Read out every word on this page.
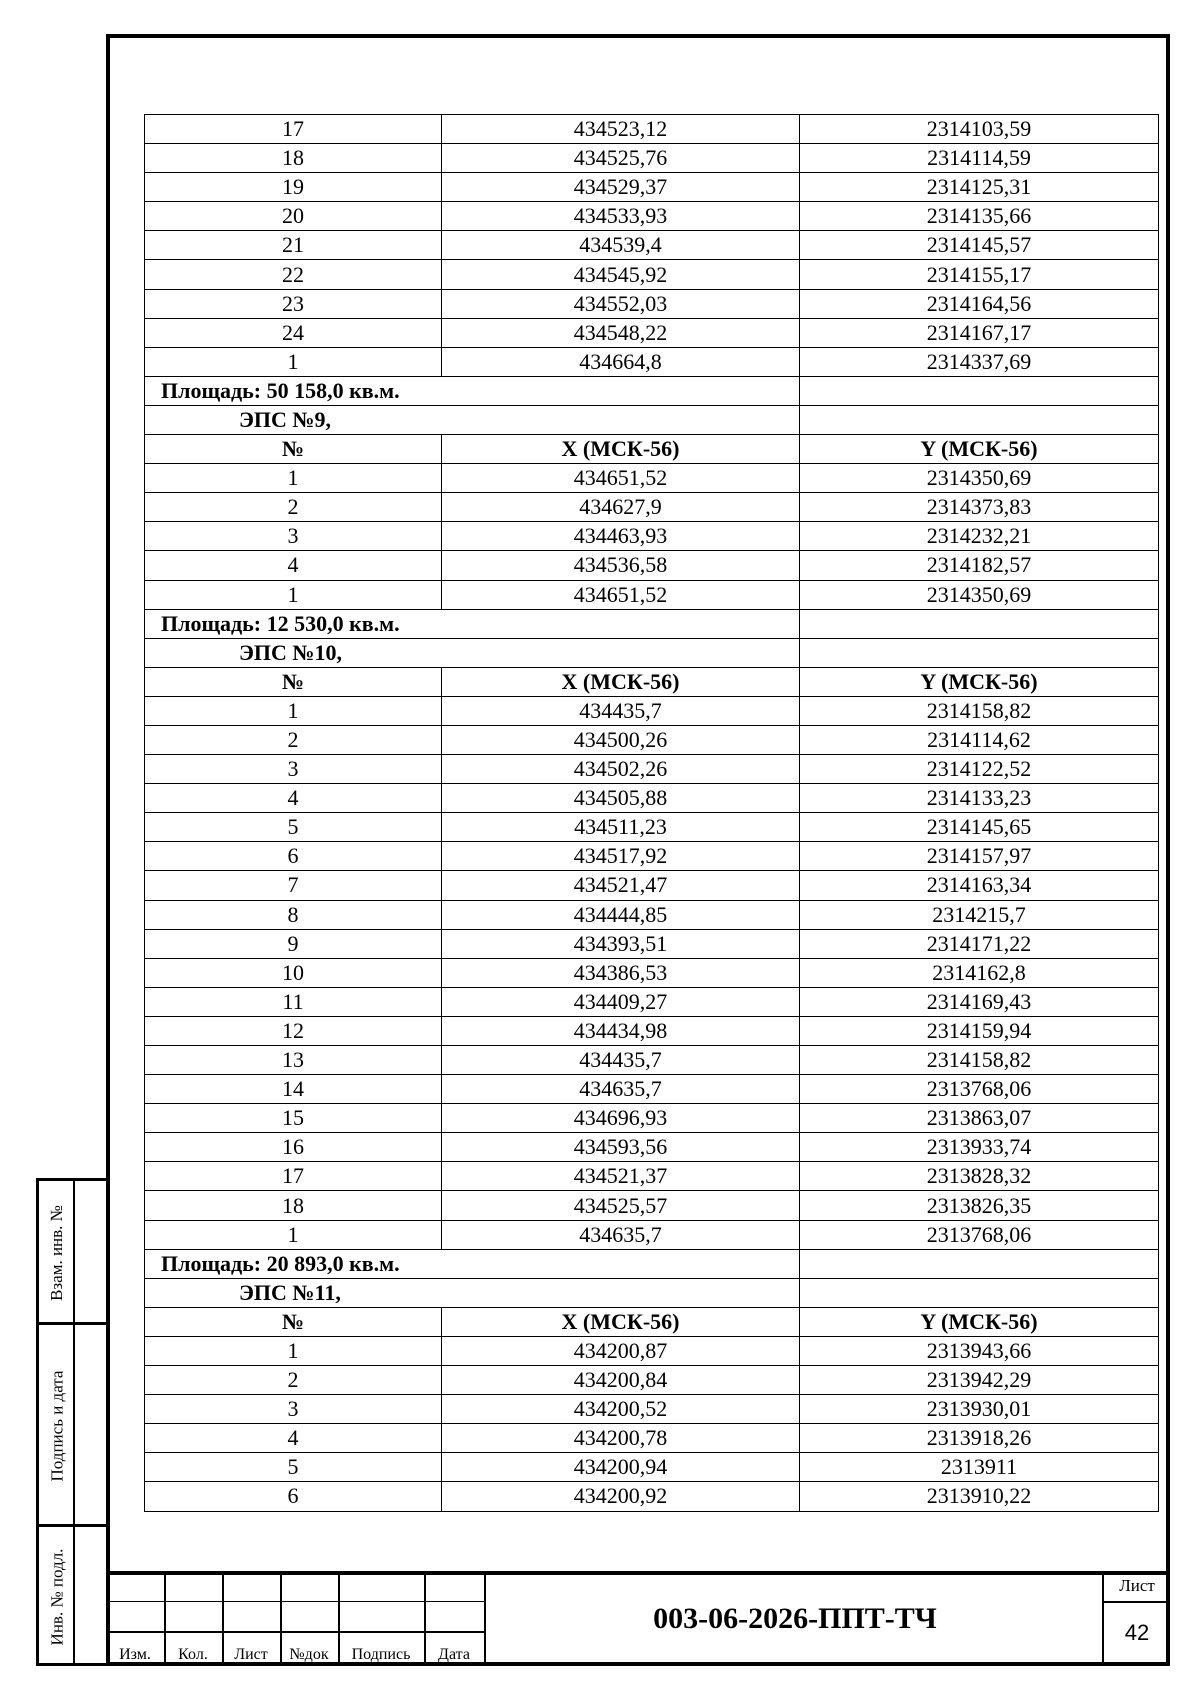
Взам. инв. №
Подпись и дата
Инв. № подл.
17	434523,12	2314103,59
18	434525,76	2314114,59
19	434529,37	2314125,31
20	434533,93	2314135,66
21	434539,4	2314145,57
22	434545,92	2314155,17
23	434552,03	2314164,56
24	434548,22	2314167,17
1	434664,8	2314337,69
Площадь: 50 158,0 кв.м.		
ЭПС №9,		
№	X (МСК-56)	Y (МСК-56)
1	434651,52	2314350,69
2	434627,9	2314373,83
3	434463,93	2314232,21
4	434536,58	2314182,57
1	434651,52	2314350,69
Площадь: 12 530,0 кв.м.		
ЭПС №10,		
№	X (МСК-56)	Y (МСК-56)
1	434435,7	2314158,82
2	434500,26	2314114,62
3	434502,26	2314122,52
4	434505,88	2314133,23
5	434511,23	2314145,65
6	434517,92	2314157,97
7	434521,47	2314163,34
8	434444,85	2314215,7
9	434393,51	2314171,22
10	434386,53	2314162,8
11	434409,27	2314169,43
12	434434,98	2314159,94
13	434435,7	2314158,82
14	434635,7	2313768,06
15	434696,93	2313863,07
16	434593,56	2313933,74
17	434521,37	2313828,32
18	434525,57	2313826,35
1	434635,7	2313768,06
Площадь: 20 893,0 кв.м.		
ЭПС №11,		
№	X (МСК-56)	Y (МСК-56)
1	434200,87	2313943,66
2	434200,84	2313942,29
3	434200,52	2313930,01
4	434200,78	2313918,26
5	434200,94	2313911
6	434200,92	2313910,22
Изм.	Кол.	Лист	№док	Подпись	Дата
003-06-2026-ППТ-ТЧ
Лист
42
